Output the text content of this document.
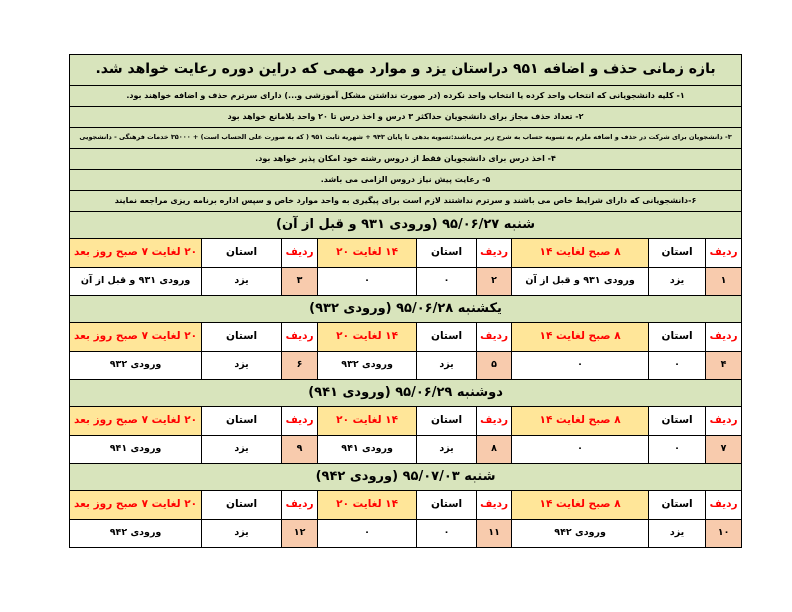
بازه زمانی حذف و اضافه ۹۵۱ دراستان یزد و موارد مهمی که دراین دوره رعایت خواهد شد.								
۱- کلیه دانشجویانی که انتخاب واحد کرده یا انتخاب واحد نکرده (در صورت نداشتن مشکل آموزشی و...) دارای سرترم حذف و اضافه خواهند بود.								
۲- تعداد حذف مجاز برای دانشجویان حداکثر ۳ درس و اخذ درس تا ۲۰ واحد بلامانع خواهد بود								
۳- دانشجویان برای شرکت در حذف و اضافه ملزم به تسویه حساب به شرح زیر می‌باشند:تسویه بدهی تا پایان ۹۴۳ + شهریه ثابت ۹۵۱ ( که به صورت علی الحساب است) + ۳۵۰۰۰ خدمات فرهنگی - دانشجویی								
۴- اخذ درس برای دانشجویان فقط از دروس رشته خود امکان پذیر خواهد بود.								
۵- رعایت پیش نیاز دروس الزامی می باشد.								
۶-دانشجویانی که دارای شرایط خاص می باشند و سرترم نداشتند لازم است برای پیگیری به واحد موارد خاص و سپس اداره برنامه ریزی مراجعه نمایند								
شنبه ۹۵/۰۶/۲۷ (ورودی ۹۳۱ و قبل از آن)								
ردیف	استان	۸ صبح لغایت ۱۴	ردیف	استان	۱۴ لغایت ۲۰	ردیف	استان	۲۰ لغایت ۷ صبح روز بعد
۱	یزد	ورودی ۹۳۱ و قبل از آن	۲	۰	۰	۳	یزد	ورودی ۹۳۱ و قبل از آن
یکشنبه ۹۵/۰۶/۲۸ (ورودی ۹۳۲)								
ردیف	استان	۸ صبح لغایت ۱۴	ردیف	استان	۱۴ لغایت ۲۰	ردیف	استان	۲۰ لغایت ۷ صبح روز بعد
۴	۰	۰	۵	یزد	ورودی ۹۳۲	۶	یزد	ورودی ۹۳۲
دوشنبه ۹۵/۰۶/۲۹ (ورودی ۹۴۱)								
ردیف	استان	۸ صبح لغایت ۱۴	ردیف	استان	۱۴ لغایت ۲۰	ردیف	استان	۲۰ لغایت ۷ صبح روز بعد
۷	۰	۰	۸	یزد	ورودی ۹۴۱	۹	یزد	ورودی ۹۴۱
شنبه ۹۵/۰۷/۰۳ (ورودی ۹۴۲)								
ردیف	استان	۸ صبح لغایت ۱۴	ردیف	استان	۱۴ لغایت ۲۰	ردیف	استان	۲۰ لغایت ۷ صبح روز بعد
۱۰	یزد	ورودی ۹۴۲	۱۱	۰	۰	۱۲	یزد	ورودی ۹۴۲
